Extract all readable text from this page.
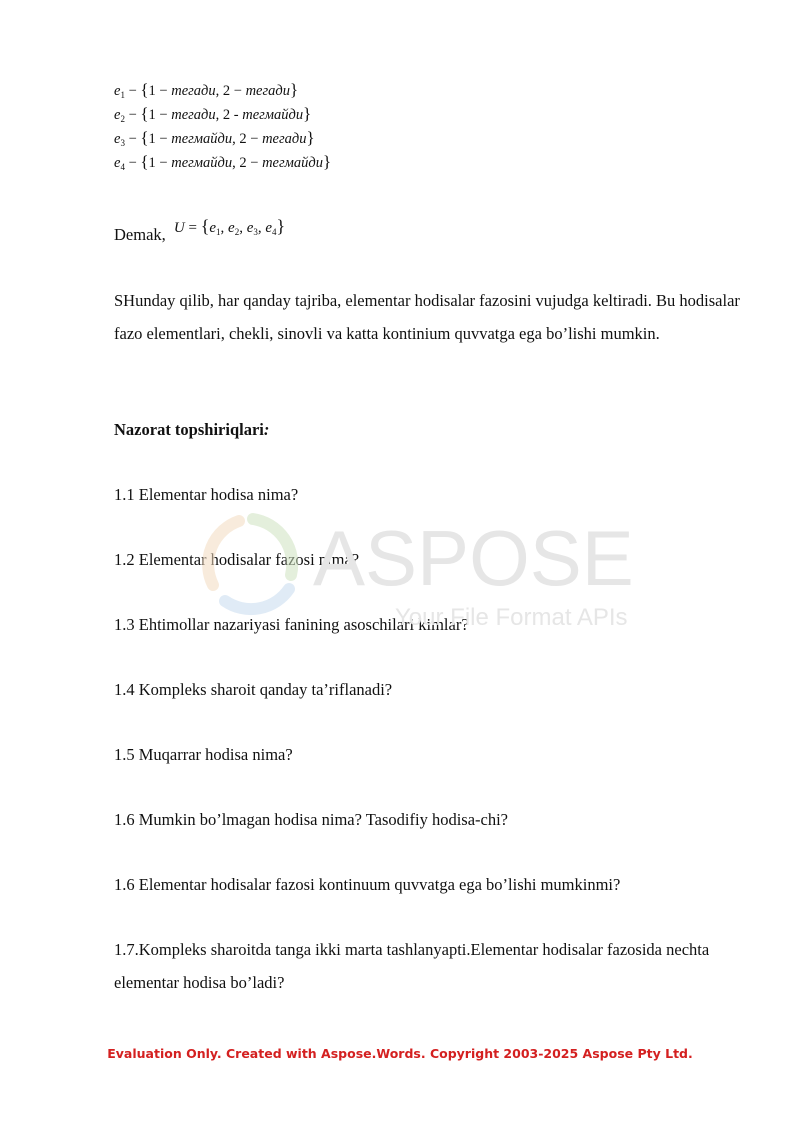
$e_1 - \{1$ − тегади, 2 − тегади}
$e_2 - \{1$ − тегади, 2 - тегмайди}
$e_3 - \{1$ − тегмайди, 2 − тегади}
$e_4 - \{1$ − тегмайди, 2 − тегмайди}
Demak, $U = \{e_1$, $e_2$, $e_3$, $e_4$}

SHunday qilib, har qanday tajriba, elementar hodisalar fazosini vujudga keltiradi. Bu hodisalar fazo elementlari, chekli, sinovli va katta kontinium quvvatga ega bo’lishi mumkin.

Nazorat topshiriqlari:
1.1 Elementar hodisa nima?
1.2 Elementar hodisalar fazosi nima?
1.3 Ehtimollar nazariyasi fanining asoschilari kimlar?
1.4 Kompleks sharoit qanday ta’riflanadi?
1.5 Muqarrar hodisa nima?
1.6 Mumkin bo’lmagan hodisa nima? Tasodifiy hodisa-chi?
1.6 Elementar hodisalar fazosi kontinuum quvvatga ega bo’lishi mumkinmi?
1.7.Kompleks sharoitda tanga ikki marta tashlanyapti.Elementar hodisalar fazosida nechta elementar hodisa bo’ladi?
ASPOSE
Your File Format APIs
Evaluation Only. Created with Aspose.Words. Copyright 2003-2025 Aspose Pty Ltd.
